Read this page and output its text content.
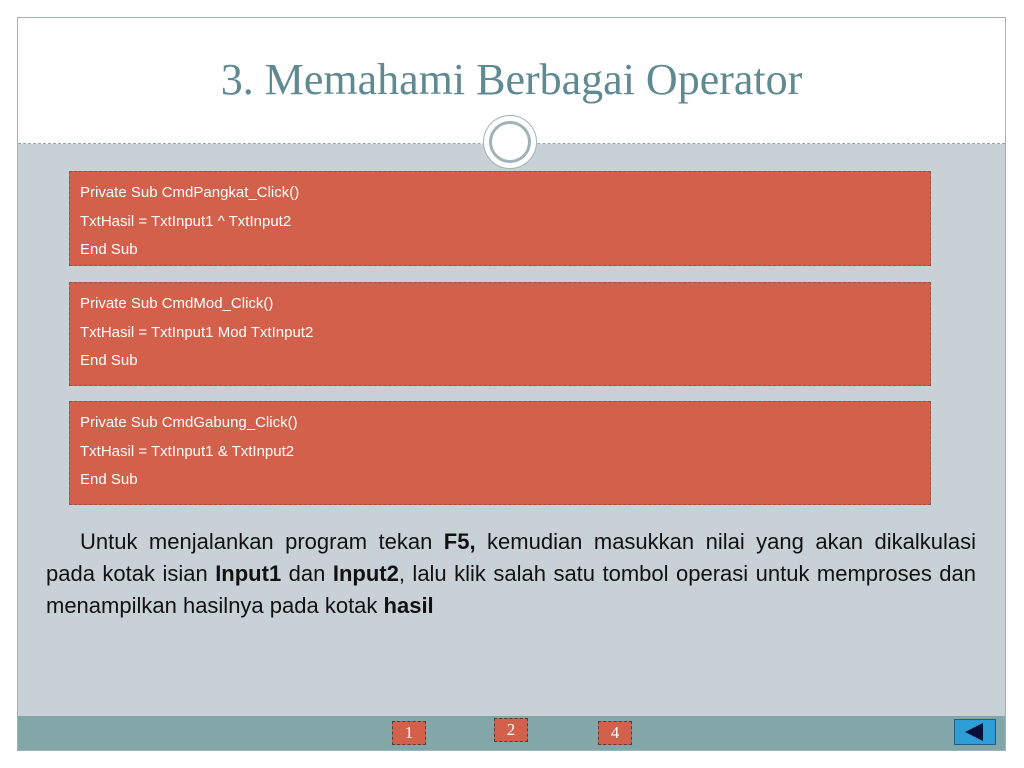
3. Memahami Berbagai Operator
Private Sub CmdPangkat_Click()
TxtHasil = TxtInput1 ^ TxtInput2
End Sub
Private Sub CmdMod_Click()
TxtHasil = TxtInput1 Mod TxtInput2
End Sub
Private Sub CmdGabung_Click()
TxtHasil = TxtInput1 & TxtInput2
End Sub
Untuk menjalankan program tekan F5, kemudian masukkan nilai yang akan dikalkulasi pada kotak isian Input1 dan Input2, lalu klik salah satu tombol operasi untuk memproses dan menampilkan hasilnya pada kotak hasil
1	2	4
